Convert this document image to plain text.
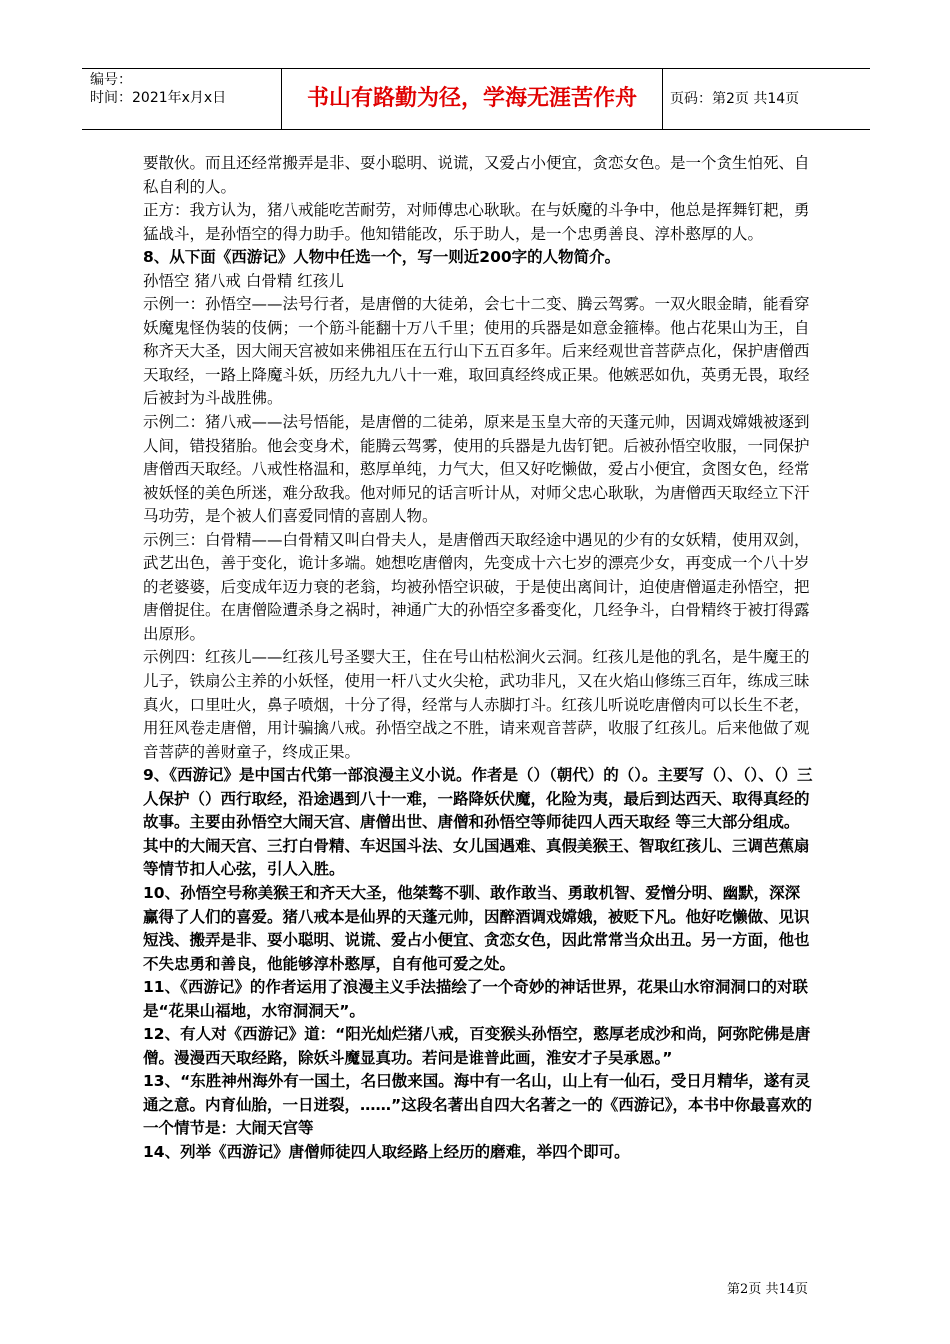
编号：
时间：2021年x月x日	书山有路勤为径，学海无涯苦作舟	页码：第2页 共14页

要散伙。而且还经常搬弄是非、耍小聪明、说谎，又爱占小便宜，贪恋女色。是一个贪生怕死、自私自利的人。

正方：我方认为，猪八戒能吃苦耐劳，对师傅忠心耿耿。在与妖魔的斗争中，他总是挥舞钉耙，勇猛战斗，是孙悟空的得力助手。他知错能改，乐于助人，是一个忠勇善良、淳朴憨厚的人。

8、从下面《西游记》人物中任选一个，写一则近200字的人物简介。

孙悟空 猪八戒 白骨精 红孩儿

示例一：孙悟空——法号行者，是唐僧的大徒弟，会七十二变、腾云驾雾。一双火眼金睛，能看穿妖魔鬼怪伪装的伎俩；一个筋斗能翻十万八千里；使用的兵器是如意金箍棒。他占花果山为王，自称齐天大圣，因大闹天宫被如来佛祖压在五行山下五百多年。后来经观世音菩萨点化，保护唐僧西天取经，一路上降魔斗妖，历经九九八十一难，取回真经终成正果。他嫉恶如仇，英勇无畏，取经后被封为斗战胜佛。

示例二：猪八戒——法号悟能，是唐僧的二徒弟，原来是玉皇大帝的天蓬元帅，因调戏嫦娥被逐到人间，错投猪胎。他会变身术，能腾云驾雾，使用的兵器是九齿钉钯。后被孙悟空收服，一同保护唐僧西天取经。八戒性格温和，憨厚单纯，力气大，但又好吃懒做，爱占小便宜，贪图女色，经常被妖怪的美色所迷，难分敌我。他对师兄的话言听计从，对师父忠心耿耿，为唐僧西天取经立下汗马功劳，是个被人们喜爱同情的喜剧人物。

示例三：白骨精——白骨精又叫白骨夫人，是唐僧西天取经途中遇见的少有的女妖精，使用双剑，武艺出色，善于变化，诡计多端。她想吃唐僧肉，先变成十六七岁的漂亮少女，再变成一个八十岁的老婆婆，后变成年迈力衰的老翁，均被孙悟空识破，于是使出离间计，迫使唐僧逼走孙悟空，把唐僧捉住。在唐僧险遭杀身之祸时，神通广大的孙悟空多番变化，几经争斗，白骨精终于被打得露出原形。

示例四：红孩儿——红孩儿号圣婴大王，住在号山枯松涧火云洞。红孩儿是他的乳名，是牛魔王的儿子，铁扇公主养的小妖怪，使用一杆八丈火尖枪，武功非凡，又在火焰山修练三百年，练成三昧真火，口里吐火，鼻子喷烟，十分了得，经常与人赤脚打斗。红孩儿听说吃唐僧肉可以长生不老，用狂风卷走唐僧，用计骗擒八戒。孙悟空战之不胜，请来观音菩萨，收服了红孩儿。后来他做了观音菩萨的善财童子，终成正果。

9、《西游记》是中国古代第一部浪漫主义小说。作者是（）（朝代）的（）。主要写（）、（）、（）三人保护（）西行取经，沿途遇到八十一难，一路降妖伏魔，化险为夷，最后到达西天、取得真经的故事。主要由孙悟空大闹天宫、唐僧出世、唐僧和孙悟空等师徒四人西天取经 等三大部分组成。其中的大闹天宫、三打白骨精、车迟国斗法、女儿国遇难、真假美猴王、智取红孩儿、三调芭蕉扇等情节扣人心弦，引人入胜。

10、孙悟空号称美猴王和齐天大圣，他桀骜不驯、敢作敢当、勇敢机智、爱憎分明、幽默，深深赢得了人们的喜爱。猪八戒本是仙界的天蓬元帅，因醉酒调戏嫦娥，被贬下凡。他好吃懒做、见识短浅、搬弄是非、耍小聪明、说谎、爱占小便宜、贪恋女色，因此常常当众出丑。另一方面，他也不失忠勇和善良，他能够淳朴憨厚，自有他可爱之处。

11、《西游记》的作者运用了浪漫主义手法描绘了一个奇妙的神话世界，花果山水帘洞洞口的对联是“花果山福地，水帘洞洞天”。

12、有人对《西游记》道：“阳光灿烂猪八戒，百变猴头孙悟空，憨厚老成沙和尚，阿弥陀佛是唐僧。漫漫西天取经路，除妖斗魔显真功。若问是谁普此画，淮安才子吴承恩。”

13、“东胜神州海外有一国土，名曰傲来国。海中有一名山，山上有一仙石，受日月精华，遂有灵通之意。内育仙胎，一日迸裂，……”这段名著出自四大名著之一的《西游记》，本书中你最喜欢的一个情节是：大闹天宫等

14、列举《西游记》唐僧师徒四人取经路上经历的磨难，举四个即可。

第2页 共14页
